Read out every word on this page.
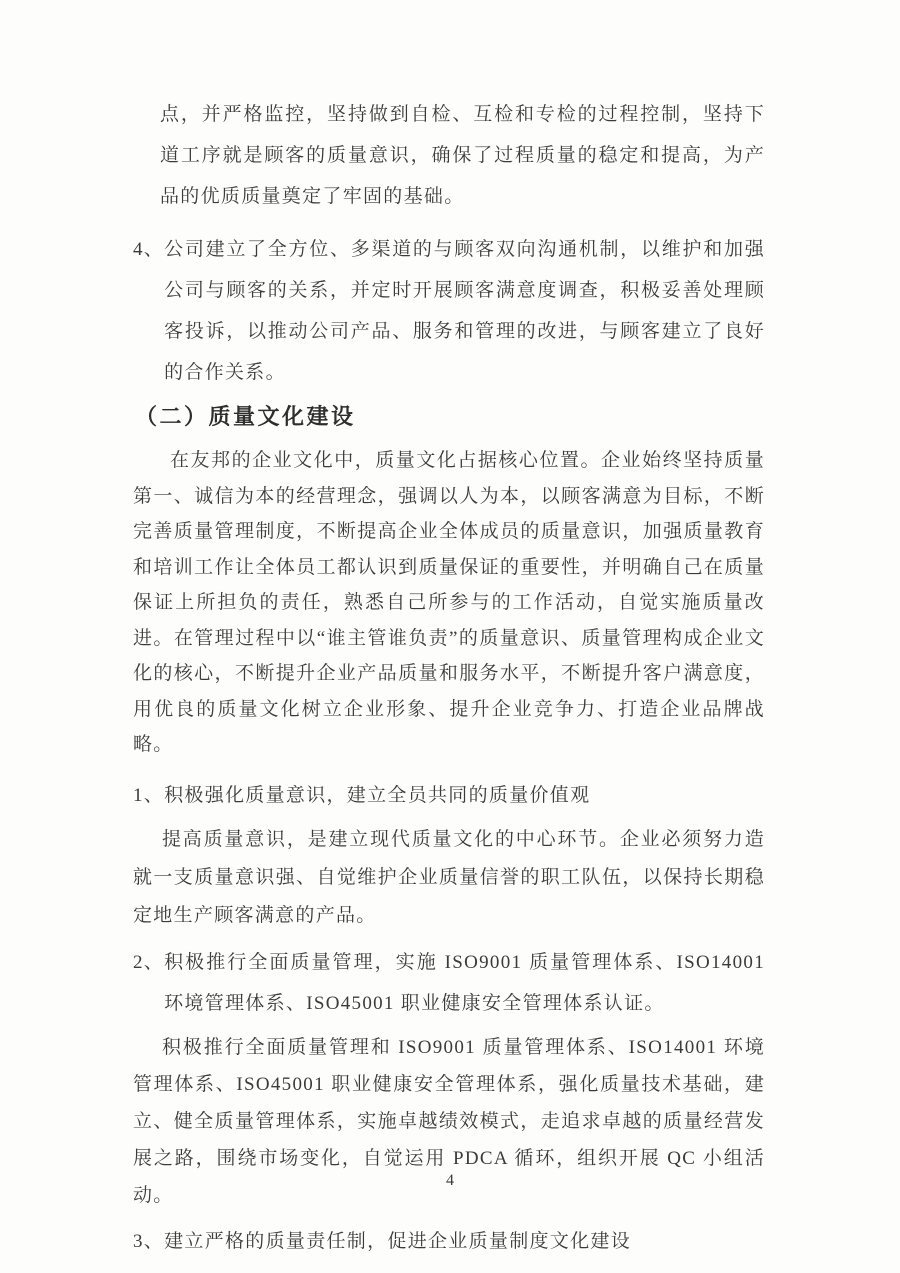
点，并严格监控，坚持做到自检、互检和专检的过程控制，坚持下道工序就是顾客的质量意识，确保了过程质量的稳定和提高，为产品的优质质量奠定了牢固的基础。

4、 公司建立了全方位、多渠道的与顾客双向沟通机制，以维护和加强公司与顾客的关系，并定时开展顾客满意度调查，积极妥善处理顾客投诉，以推动公司产品、服务和管理的改进，与顾客建立了良好的合作关系。
（二）质量文化建设

在友邦的企业文化中，质量文化占据核心位置。企业始终坚持质量第一、诚信为本的经营理念，强调以人为本，以顾客满意为目标，不断完善质量管理制度，不断提高企业全体成员的质量意识，加强质量教育和培训工作让全体员工都认识到质量保证的重要性，并明确自己在质量保证上所担负的责任，熟悉自己所参与的工作活动，自觉实施质量改进。在管理过程中以“谁主管谁负责”的质量意识、质量管理构成企业文化的核心，不断提升企业产品质量和服务水平，不断提升客户满意度，用优良的质量文化树立企业形象、提升企业竞争力、打造企业品牌战略。

1、 积极强化质量意识，建立全员共同的质量价值观

提高质量意识，是建立现代质量文化的中心环节。企业必须努力造就一支质量意识强、自觉维护企业质量信誉的职工队伍，以保持长期稳定地生产顾客满意的产品。

2、 积极推行全面质量管理，实施 ISO9001 质量管理体系、ISO14001 环境管理体系、ISO45001 职业健康安全管理体系认证。

积极推行全面质量管理和 ISO9001 质量管理体系、ISO14001 环境管理体系、ISO45001 职业健康安全管理体系，强化质量技术基础，建立、健全质量管理体系，实施卓越绩效模式，走追求卓越的质量经营发展之路，围绕市场变化，自觉运用 PDCA 循环，组织开展 QC 小组活动。

3、 建立严格的质量责任制，促进企业质量制度文化建设
4
